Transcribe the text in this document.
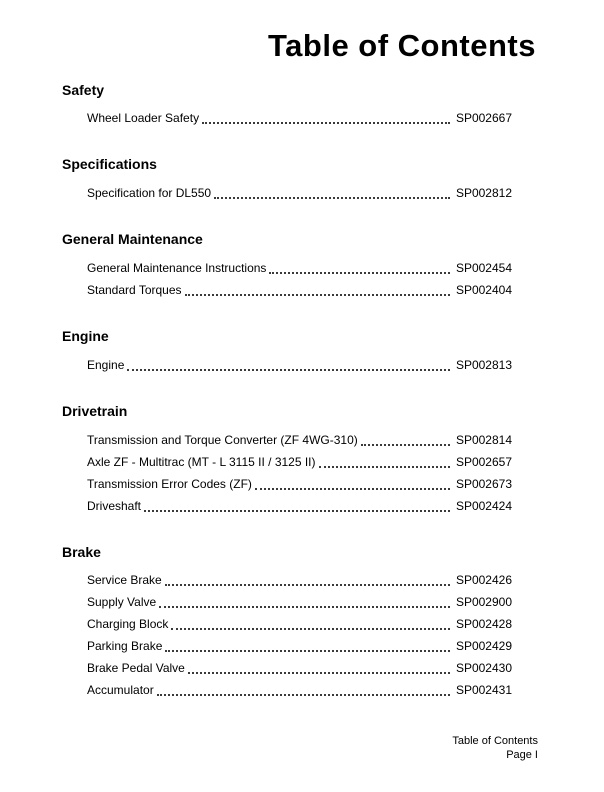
Table of Contents
Safety
Wheel Loader Safety	SP002667
Specifications
Specification for DL550	SP002812
General Maintenance
General Maintenance Instructions	SP002454
Standard Torques	SP002404
Engine
Engine	SP002813
Drivetrain
Transmission and Torque Converter (ZF 4WG-310)	SP002814
Axle ZF - Multitrac (MT - L 3115 II / 3125 II)	SP002657
Transmission Error Codes (ZF)	SP002673
Driveshaft	SP002424
Brake
Service Brake	SP002426
Supply Valve	SP002900
Charging Block	SP002428
Parking Brake	SP002429
Brake Pedal Valve	SP002430
Accumulator	SP002431
Table of Contents
Page I
